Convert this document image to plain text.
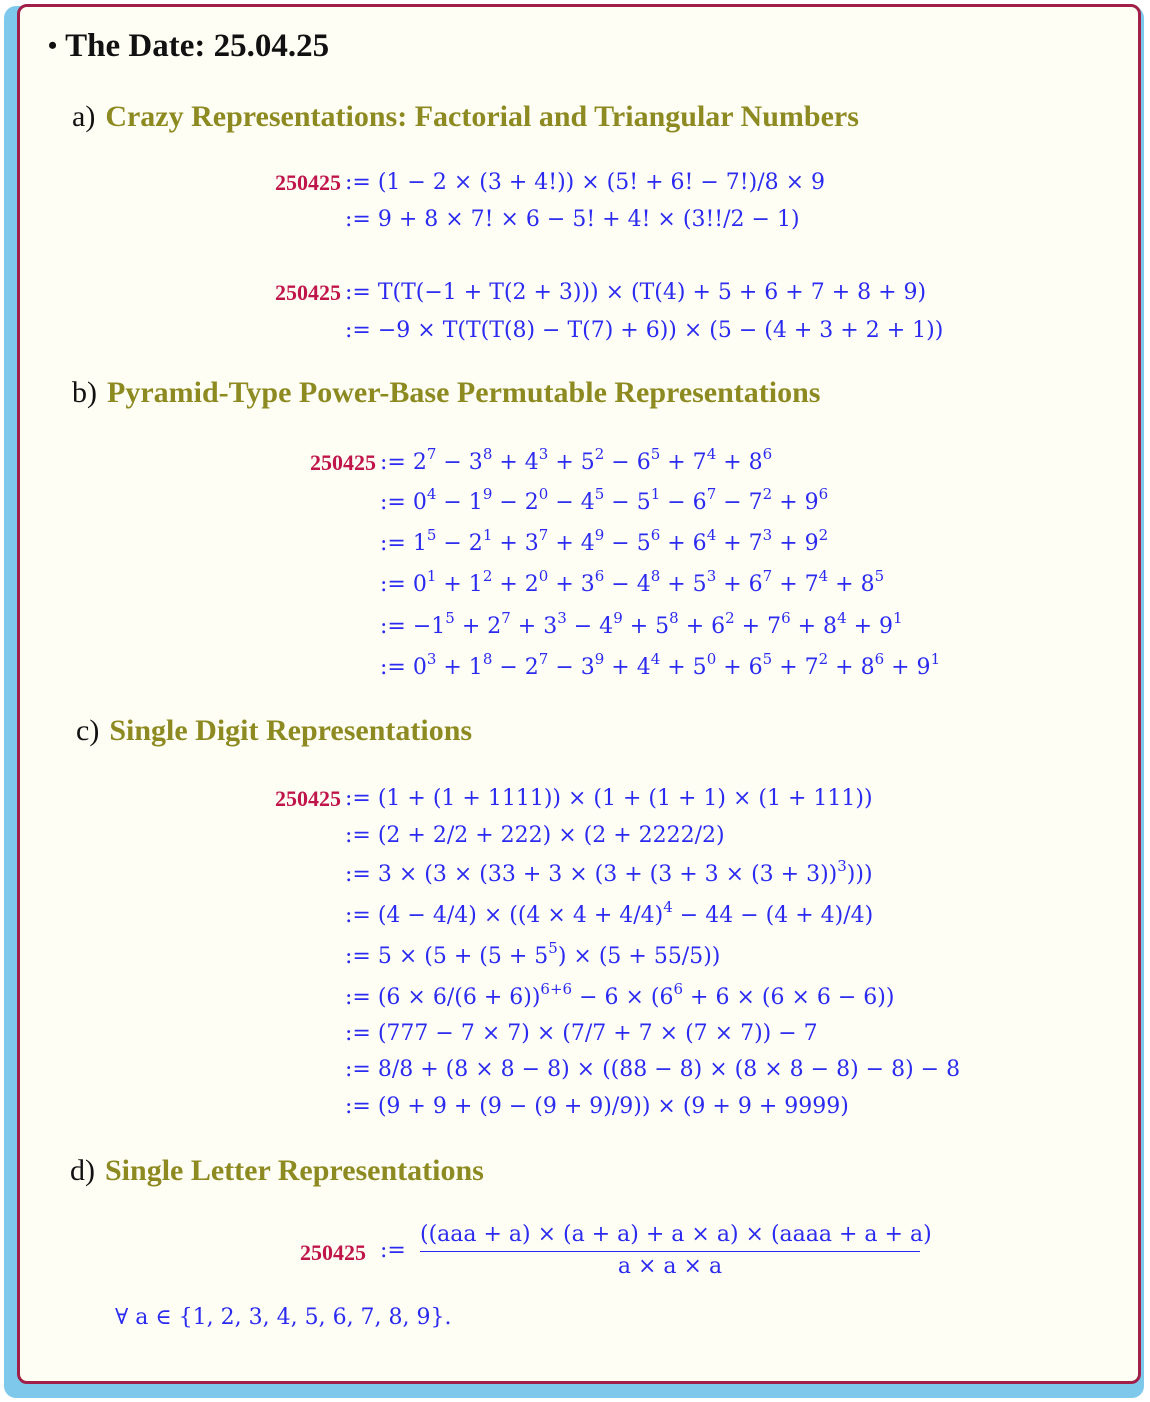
• The Date: 25.04.25
a) Crazy Representations: Factorial and Triangular Numbers
250425 := (1 − 2 × (3 + 4!)) × (5! + 6! − 7!)/8 × 9
:= 9 + 8 × 7! × 6 − 5! + 4! × (3!!/2 − 1)
250425 := T(T(−1 + T(2 + 3))) × (T(4) + 5 + 6 + 7 + 8 + 9)
:= −9 × T(T(T(8) − T(7) + 6)) × (5 − (4 + 3 + 2 + 1))
b) Pyramid-Type Power-Base Permutable Representations
250425 := $2^7 - 3^8 + 4^3 + 5^2 - 6^5 + 7^4 + 8^6$
:= $0^4 - 1^9 - 2^0 - 4^5 - 5^1 - 6^7 - 7^2 + 9^6$
:= $1^5 - 2^1 + 3^7 + 4^9 - 5^6 + 6^4 + 7^3 + 9^2$
:= $0^1 + 1^2 + 2^0 + 3^6 - 4^8 + 5^3 + 6^7 + 7^4 + 8^5$
:= $-1^5 + 2^7 + 3^3 - 4^9 + 5^8 + 6^2 + 7^6 + 8^4 + 9^1$
:= $0^3 + 1^8 - 2^7 - 3^9 + 4^4 + 5^0 + 6^5 + 7^2 + 8^6 + 9^1$
c) Single Digit Representations
250425 := (1 + (1 + 1111)) × (1 + (1 + 1) × (1 + 111))
:= (2 + 2/2 + 222) × (2 + 2222/2)
:= $3 \times (3 \times (33 + 3 \times (3 + (3 + 3 \times (3 + 3))^3)))$
:= $(4 - 4/4) \times ((4 \times 4 + 4/4)^4 - 44 - (4 + 4)/4)$
:= $5 \times (5 + (5 + 5^5) \times (5 + 55/5))$
:= $(6 \times 6/(6 + 6))^{6+6} - 6 \times (6^6 + 6 \times (6 \times 6 - 6))$
:= (777 − 7 × 7) × (7/7 + 7 × (7 × 7)) − 7
:= 8/8 + (8 × 8 − 8) × ((88 − 8) × (8 × 8 − 8) − 8) − 8
:= (9 + 9 + (9 − (9 + 9)/9)) × (9 + 9 + 9999)
d) Single Letter Representations
250425 :=
((aaa + a) × (a + a) + a × a) × (aaaa + a + a)
a × a × a
∀ a ∈ {1, 2, 3, 4, 5, 6, 7, 8, 9}.
